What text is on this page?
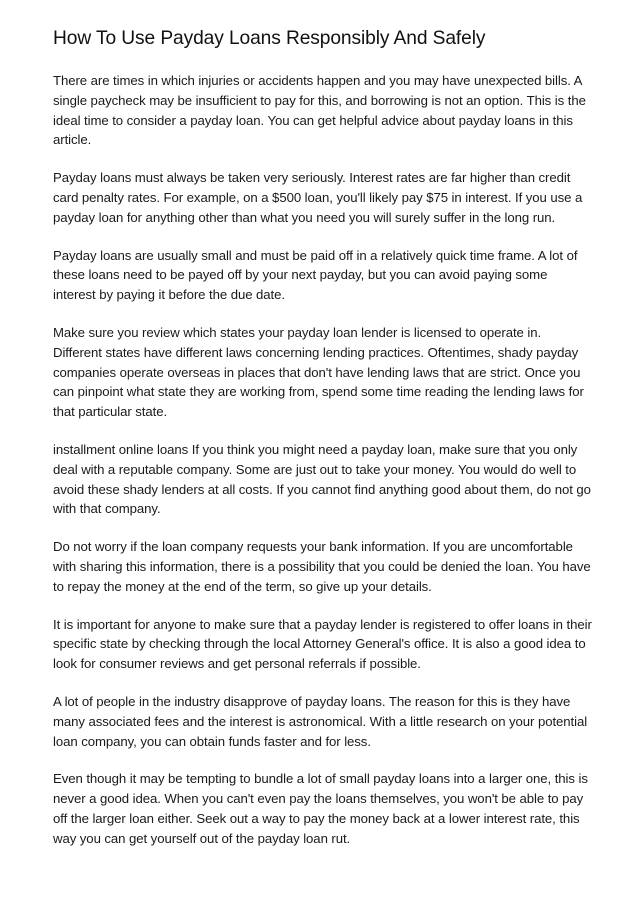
How To Use Payday Loans Responsibly And Safely

There are times in which injuries or accidents happen and you may have unexpected bills. A single paycheck may be insufficient to pay for this, and borrowing is not an option. This is the ideal time to consider a payday loan. You can get helpful advice about payday loans in this article.

Payday loans must always be taken very seriously. Interest rates are far higher than credit card penalty rates. For example, on a $500 loan, you'll likely pay $75 in interest. If you use a payday loan for anything other than what you need you will surely suffer in the long run.

Payday loans are usually small and must be paid off in a relatively quick time frame. A lot of these loans need to be payed off by your next payday, but you can avoid paying some interest by paying it before the due date.

Make sure you review which states your payday loan lender is licensed to operate in. Different states have different laws concerning lending practices. Oftentimes, shady payday companies operate overseas in places that don't have lending laws that are strict. Once you can pinpoint what state they are working from, spend some time reading the lending laws for that particular state.

installment online loans If you think you might need a payday loan, make sure that you only deal with a reputable company. Some are just out to take your money. You would do well to avoid these shady lenders at all costs. If you cannot find anything good about them, do not go with that company.

Do not worry if the loan company requests your bank information. If you are uncomfortable with sharing this information, there is a possibility that you could be denied the loan. You have to repay the money at the end of the term, so give up your details.

It is important for anyone to make sure that a payday lender is registered to offer loans in their specific state by checking through the local Attorney General's office. It is also a good idea to look for consumer reviews and get personal referrals if possible.

A lot of people in the industry disapprove of payday loans. The reason for this is they have many associated fees and the interest is astronomical. With a little research on your potential loan company, you can obtain funds faster and for less.

Even though it may be tempting to bundle a lot of small payday loans into a larger one, this is never a good idea. When you can't even pay the loans themselves, you won't be able to pay off the larger loan either. Seek out a way to pay the money back at a lower interest rate, this way you can get yourself out of the payday loan rut.
